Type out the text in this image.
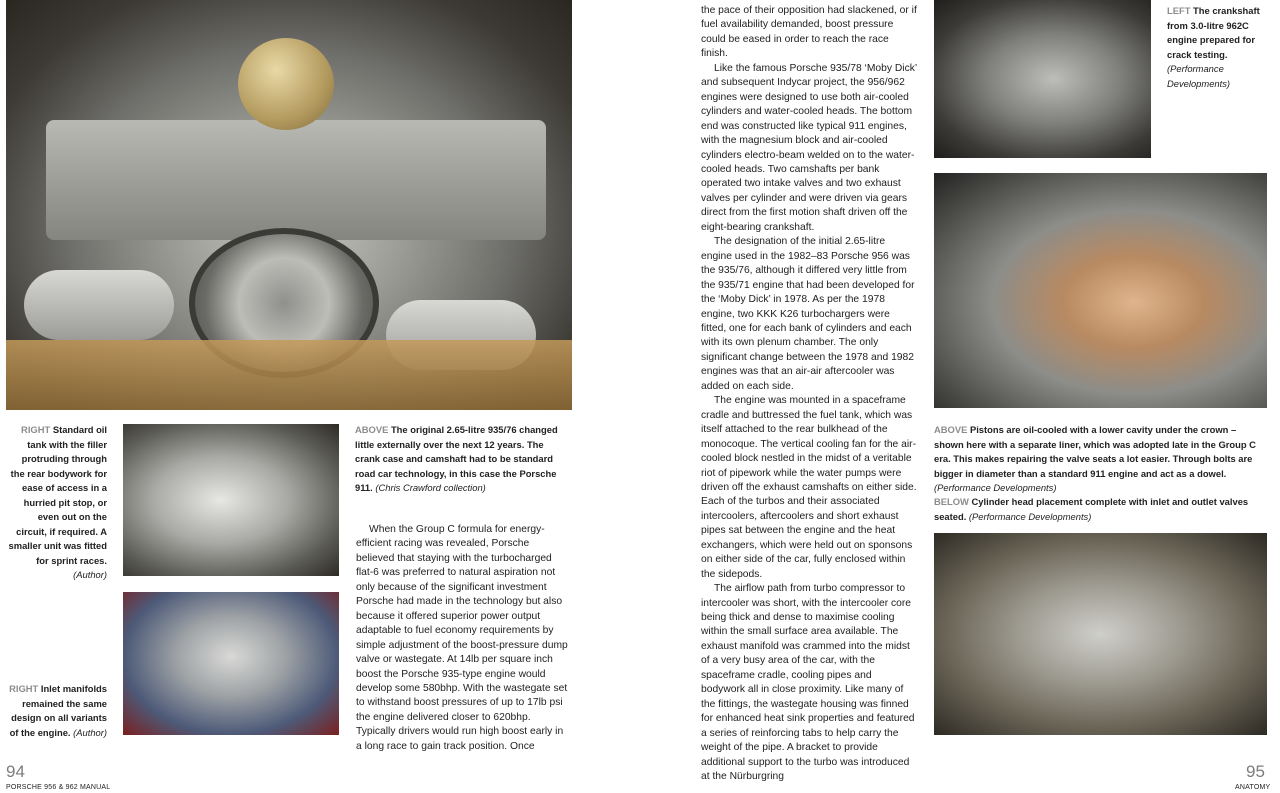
RIGHT Standard oil tank with the filler protruding through the rear bodywork for ease of access in a hurried pit stop, or even out on the circuit, if required. A smaller unit was fitted for sprint races. (Author)
ABOVE The original 2.65-litre 935/76 changed little externally over the next 12 years. The crank case and camshaft had to be standard road car technology, in this case the Porsche 911. (Chris Crawford collection)
RIGHT Inlet manifolds remained the same design on all variants of the engine. (Author)

When the Group C formula for energy-efficient racing was revealed, Porsche believed that staying with the turbocharged flat-6 was preferred to natural aspiration not only because of the significant investment Porsche had made in the technology but also because it offered superior power output adaptable to fuel economy requirements by simple adjustment of the boost-pressure dump valve or wastegate. At 14lb per square inch boost the Porsche 935-type engine would develop some 580bhp. With the wastegate set to withstand boost pressures of up to 17lb psi the engine delivered closer to 620bhp. Typically drivers would run high boost early in a long race to gain track position. Once

94
PORSCHE 956 & 962 MANUAL

the pace of their opposition had slackened, or if fuel availability demanded, boost pressure could be eased in order to reach the race finish.

Like the famous Porsche 935/78 ‘Moby Dick’ and subsequent Indycar project, the 956/962 engines were designed to use both air-cooled cylinders and water-cooled heads. The bottom end was constructed like typical 911 engines, with the magnesium block and air-cooled cylinders electro-beam welded on to the water-cooled heads. Two camshafts per bank operated two intake valves and two exhaust valves per cylinder and were driven via gears direct from the first motion shaft driven off the eight-bearing crankshaft.

The designation of the initial 2.65-litre engine used in the 1982–83 Porsche 956 was the 935/76, although it differed very little from the 935/71 engine that had been developed for the ‘Moby Dick’ in 1978. As per the 1978 engine, two KKK K26 turbochargers were fitted, one for each bank of cylinders and each with its own plenum chamber. The only significant change between the 1978 and 1982 engines was that an air-air aftercooler was added on each side.

The engine was mounted in a spaceframe cradle and buttressed the fuel tank, which was itself attached to the rear bulkhead of the monocoque. The vertical cooling fan for the air-cooled block nestled in the midst of a veritable riot of pipework while the water pumps were driven off the exhaust camshafts on either side. Each of the turbos and their associated intercoolers, aftercoolers and short exhaust pipes sat between the engine and the heat exchangers, which were held out on sponsons on either side of the car, fully enclosed within the sidepods.

The airflow path from turbo compressor to intercooler was short, with the intercooler core being thick and dense to maximise cooling within the small surface area available. The exhaust manifold was crammed into the midst of a very busy area of the car, with the spaceframe cradle, cooling pipes and bodywork all in close proximity. Like many of the fittings, the wastegate housing was finned for enhanced heat sink properties and featured a series of reinforcing tabs to help carry the weight of the pipe. A bracket to provide additional support to the turbo was introduced at the Nürburgring

LEFT The crankshaft from 3.0-litre 962C engine prepared for crack testing. (Performance Developments)
ABOVE Pistons are oil-cooled with a lower cavity under the crown – shown here with a separate liner, which was adopted late in the Group C era. This makes repairing the valve seats a lot easier. Through bolts are bigger in diameter than a standard 911 engine and act as a dowel. (Performance Developments)
BELOW Cylinder head placement complete with inlet and outlet valves seated. (Performance Developments)
95
ANATOMY
